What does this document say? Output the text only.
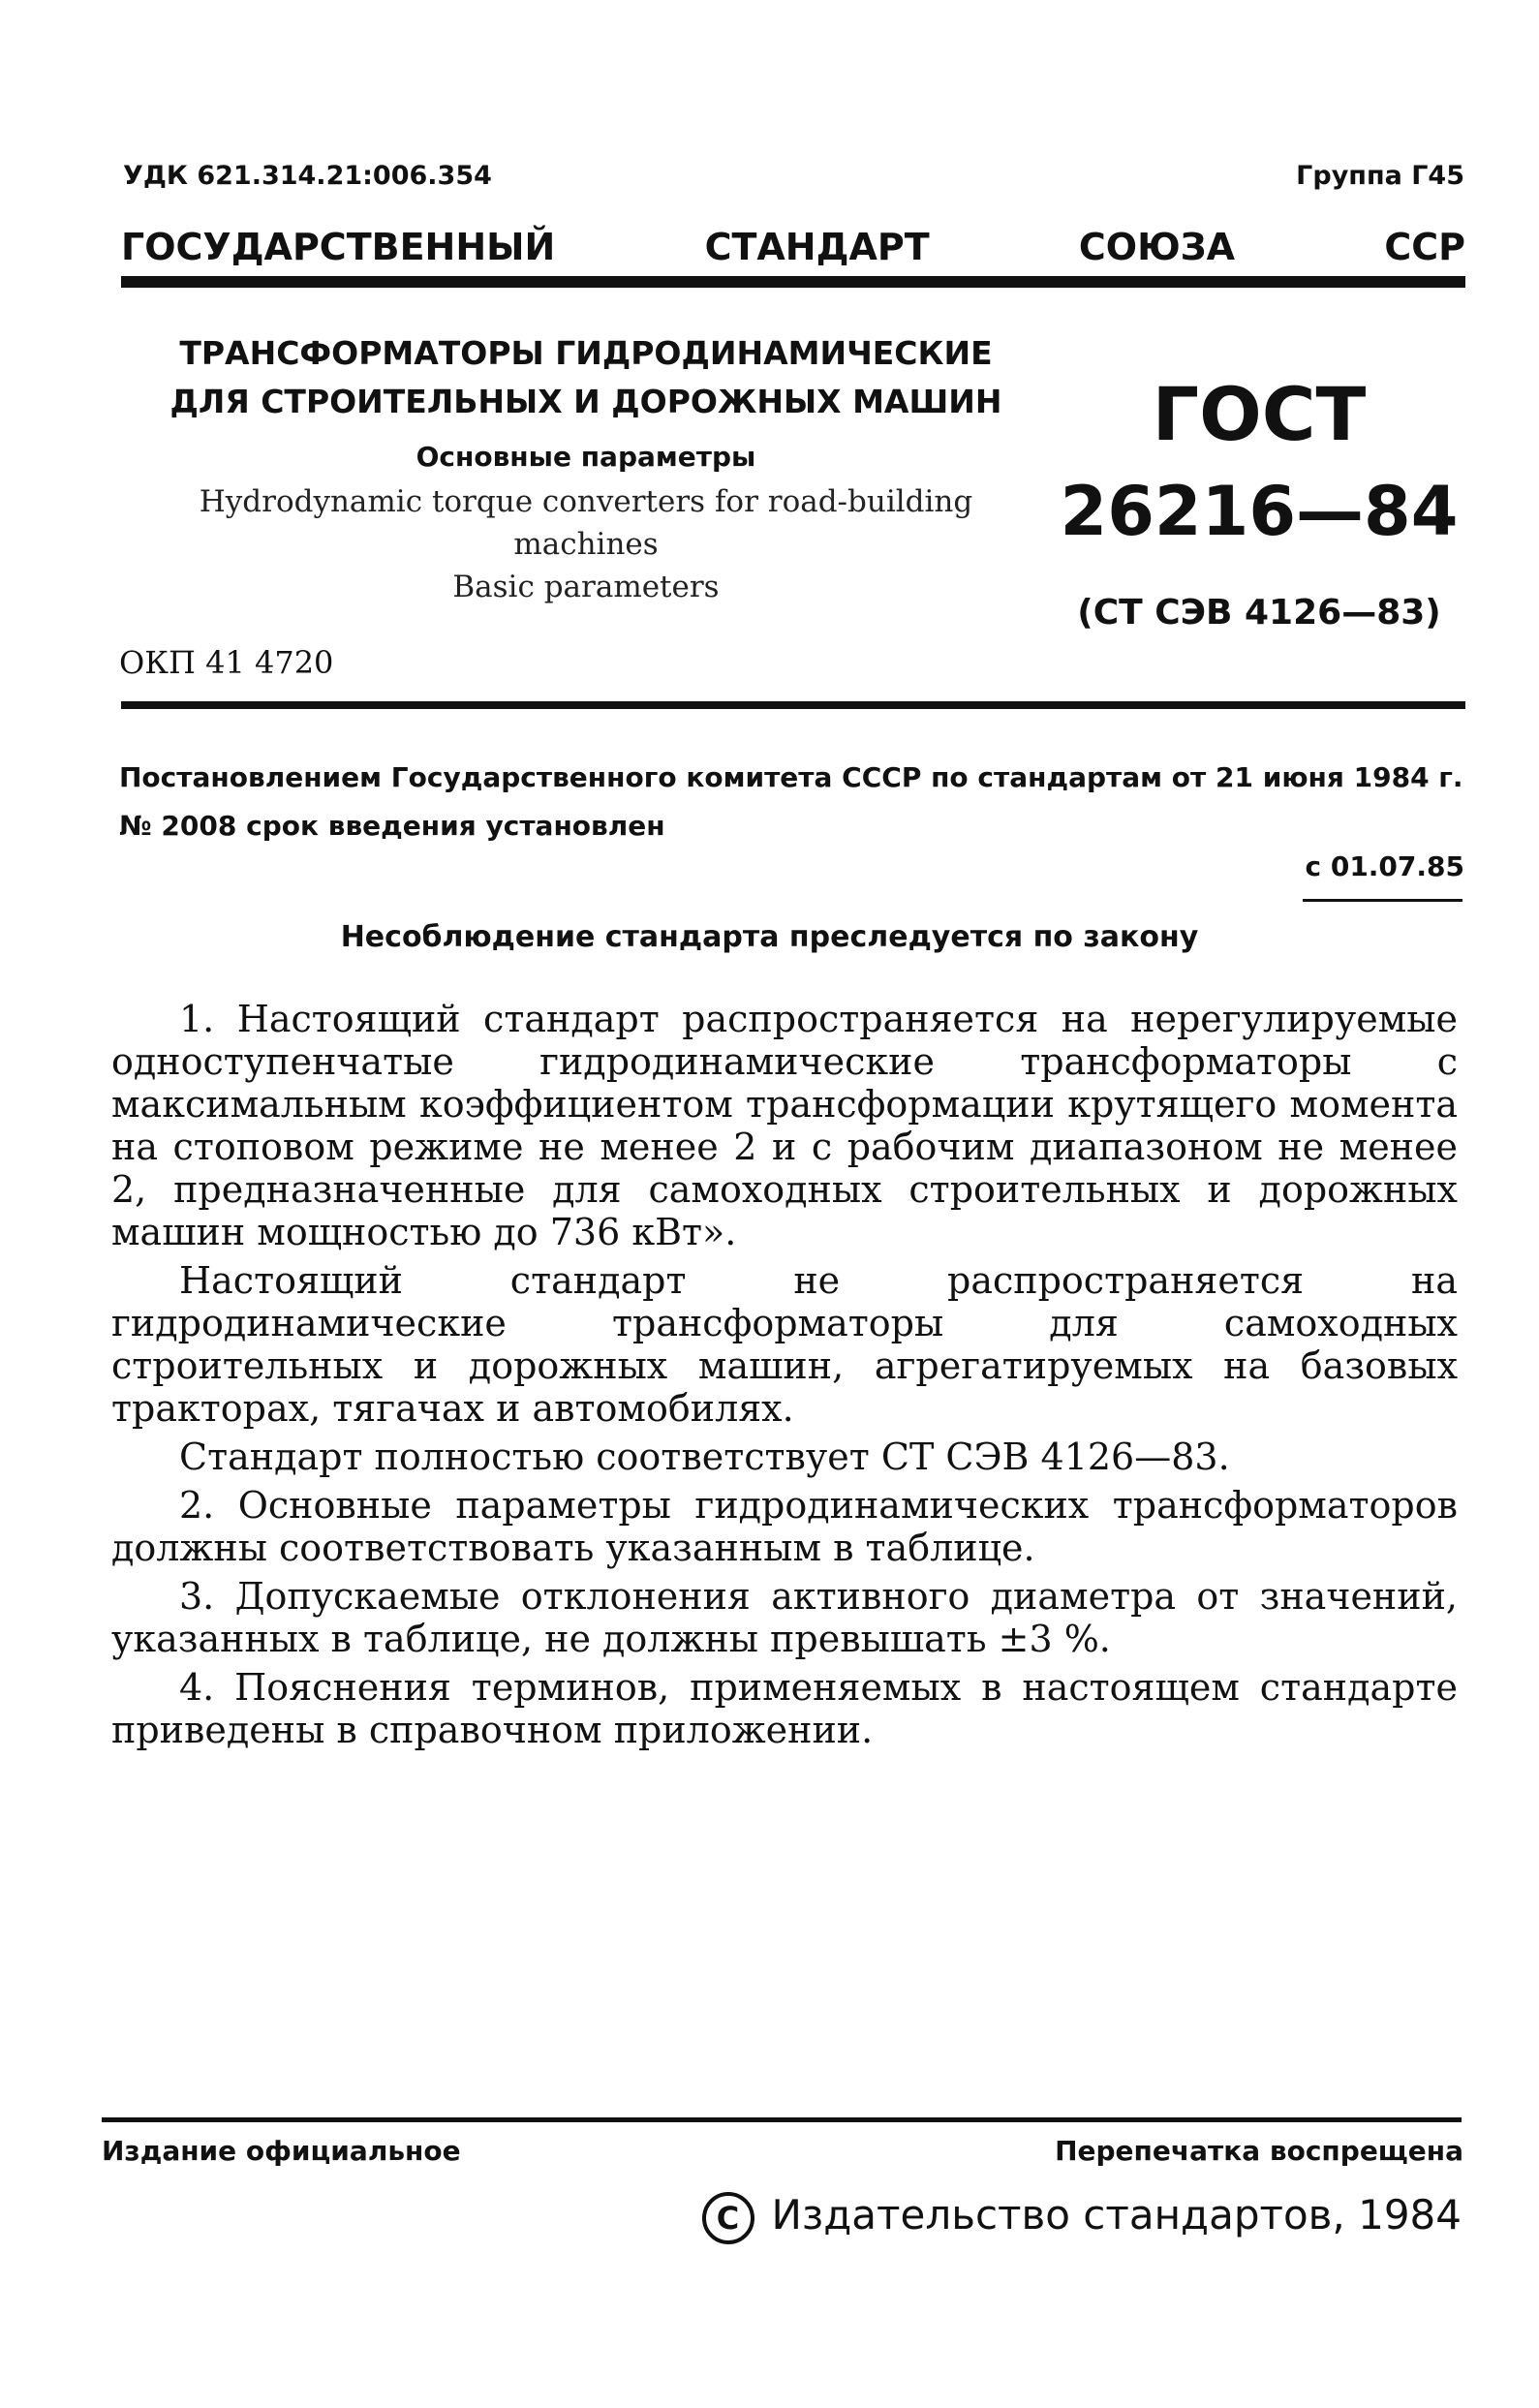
УДК 621.314.21:006.354	Группа Г45
ГОСУДАРСТВЕННЫЙ	СТАНДАРТ	СОЮЗА	ССР
ТРАНСФОРМАТОРЫ ГИДРОДИНАМИЧЕСКИЕ
ДЛЯ СТРОИТЕЛЬНЫХ И ДОРОЖНЫХ МАШИН
Основные параметры
Hydrodynamic torque converters for road-building
machines
Basic parameters
ГОСТ
26216—84
(СТ СЭВ 4126—83)
ОКП 41 4720
Постановлением Государственного комитета СССР по стандартам от 21 июня 1984 г. № 2008 срок введения установлен
с 01.07.85
Несоблюдение стандарта преследуется по закону

1. Настоящий стандарт распространяется на нерегулируемые одноступенчатые гидродинамические трансформаторы с максимальным коэффициентом трансформации крутящего момента на стоповом режиме не менее 2 и с рабочим диапазоном не менее 2, предназначенные для самоходных строительных и дорожных машин мощностью до 736 кВт».

Настоящий стандарт не распространяется на гидродинамические трансформаторы для самоходных строительных и дорожных машин, агрегатируемых на базовых тракторах, тягачах и автомобилях.

Стандарт полностью соответствует СТ СЭВ 4126—83.

2. Основные параметры гидродинамических трансформаторов должны соответствовать указанным в таблице.

3. Допускаемые отклонения активного диаметра от значений, указанных в таблице, не должны превышать ±3 %.

4. Пояснения терминов, применяемых в настоящем стандарте приведены в справочном приложении.

Издание официальное	Перепечатка воспрещена
C Издательство стандартов, 1984
